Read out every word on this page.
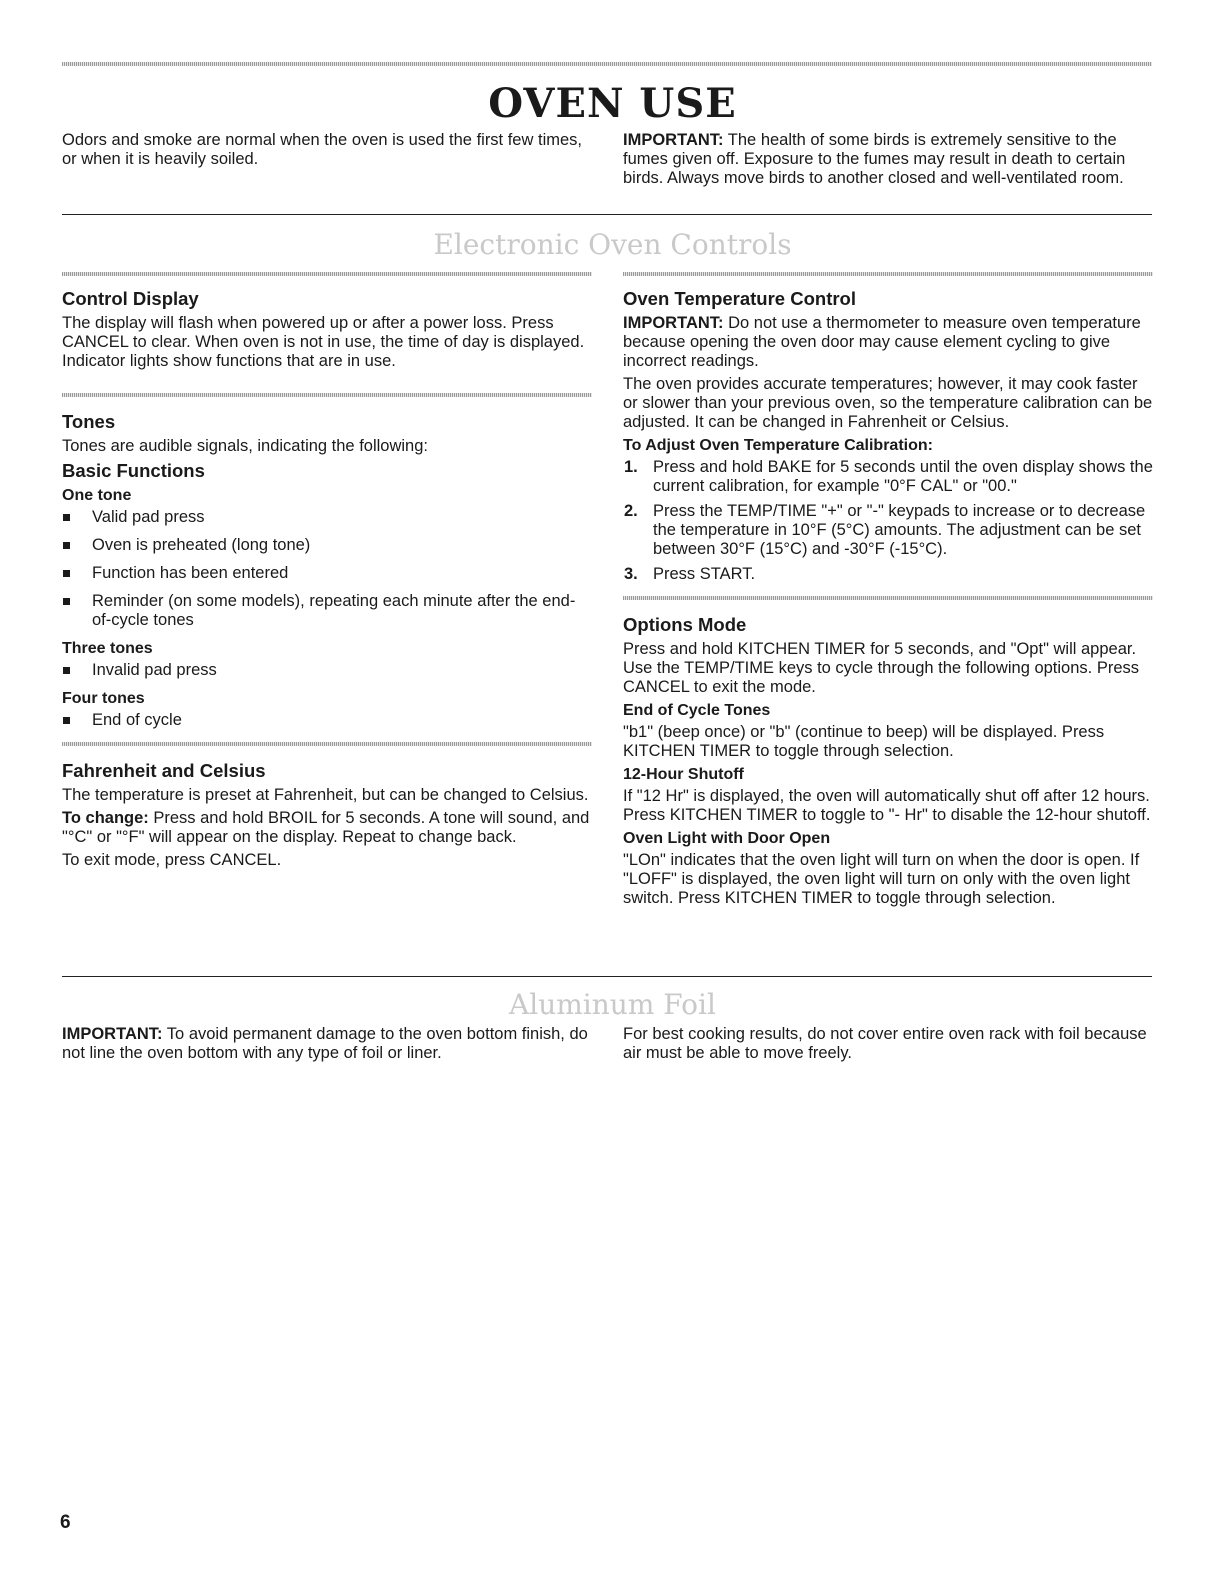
OVEN USE

Odors and smoke are normal when the oven is used the first few times, or when it is heavily soiled.

IMPORTANT: The health of some birds is extremely sensitive to the fumes given off. Exposure to the fumes may result in death to certain birds. Always move birds to another closed and well-ventilated room.

Electronic Oven Controls
Control Display

The display will flash when powered up or after a power loss. Press CANCEL to clear. When oven is not in use, the time of day is displayed. Indicator lights show functions that are in use.

Tones

Tones are audible signals, indicating the following:

Basic Functions
One tone
Valid pad press
Oven is preheated (long tone)
Function has been entered
Reminder (on some models), repeating each minute after the end-of-cycle tones
Three tones
Invalid pad press
Four tones
End of cycle
Fahrenheit and Celsius

The temperature is preset at Fahrenheit, but can be changed to Celsius.

To change: Press and hold BROIL for 5 seconds. A tone will sound, and "°C" or "°F" will appear on the display. Repeat to change back.

To exit mode, press CANCEL.

Oven Temperature Control

IMPORTANT: Do not use a thermometer to measure oven temperature because opening the oven door may cause element cycling to give incorrect readings.

The oven provides accurate temperatures; however, it may cook faster or slower than your previous oven, so the temperature calibration can be adjusted. It can be changed in Fahrenheit or Celsius.

To Adjust Oven Temperature Calibration:
1. Press and hold BAKE for 5 seconds until the oven display shows the current calibration, for example "0°F CAL" or "00."
2. Press the TEMP/TIME "+" or "-" keypads to increase or to decrease the temperature in 10°F (5°C) amounts. The adjustment can be set between 30°F (15°C) and -30°F (-15°C).
3. Press START.
Options Mode

Press and hold KITCHEN TIMER for 5 seconds, and "Opt" will appear. Use the TEMP/TIME keys to cycle through the following options. Press CANCEL to exit the mode.

End of Cycle Tones

"b1" (beep once) or "b" (continue to beep) will be displayed. Press KITCHEN TIMER to toggle through selection.

12-Hour Shutoff

If "12 Hr" is displayed, the oven will automatically shut off after 12 hours. Press KITCHEN TIMER to toggle to "- Hr" to disable the 12-hour shutoff.

Oven Light with Door Open

"LOn" indicates that the oven light will turn on when the door is open. If "LOFF" is displayed, the oven light will turn on only with the oven light switch. Press KITCHEN TIMER to toggle through selection.

Aluminum Foil

IMPORTANT: To avoid permanent damage to the oven bottom finish, do not line the oven bottom with any type of foil or liner.

For best cooking results, do not cover entire oven rack with foil because air must be able to move freely.

6
